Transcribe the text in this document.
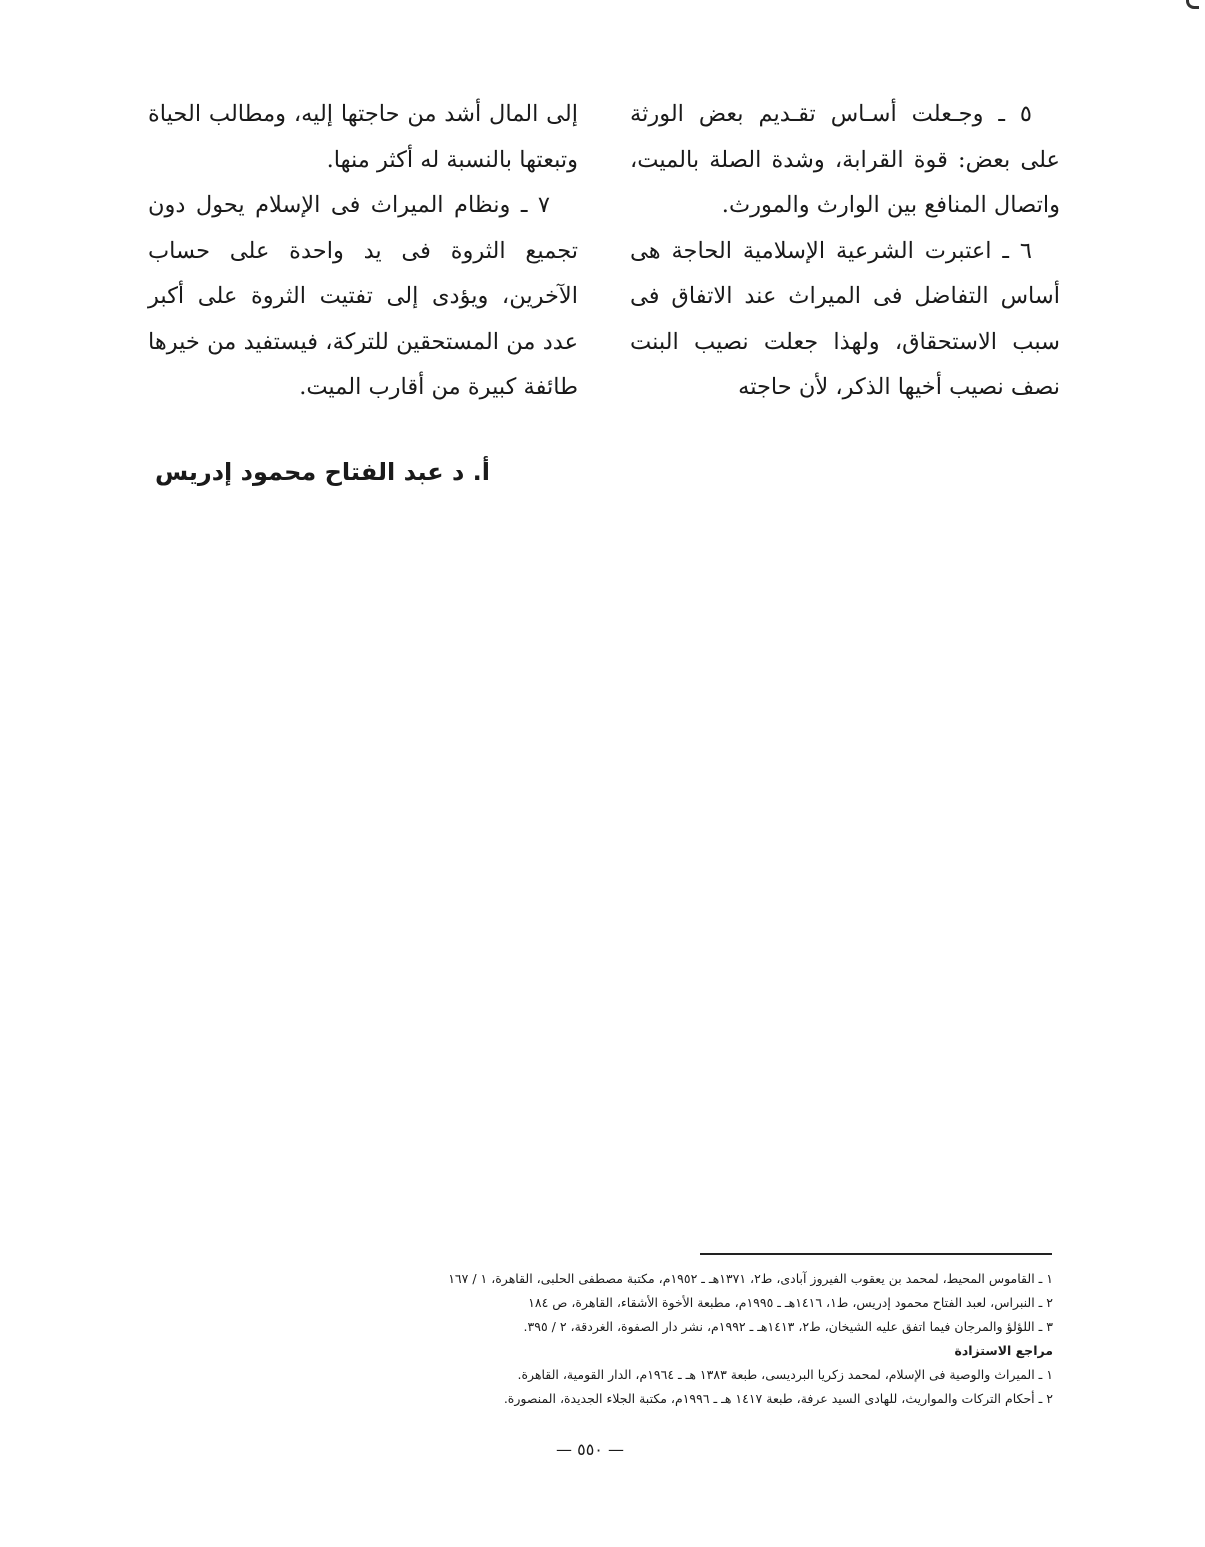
٥ ـ وجـعلت أسـاس تقـديم بعض الورثة على بعض: قوة القرابة، وشدة الصلة بالميت، واتصال المنافع بين الوارث والمورث.

٦ ـ اعتبرت الشرعية الإسلامية الحاجة هى أساس التفاضل فى الميراث عند الاتفاق فى سبب الاستحقاق، ولهذا جعلت نصيب البنت نصف نصيب أخيها الذكر، لأن حاجته

إلى المال أشد من حاجتها إليه، ومطالب الحياة وتبعتها بالنسبة له أكثر منها.

٧ ـ ونظام الميراث فى الإسلام يحول دون تجميع الثروة فى يد واحدة على حساب الآخرين، ويؤدى إلى تفتيت الثروة على أكبر عدد من المستحقين للتركة، فيستفيد من خيرها طائفة كبيرة من أقارب الميت.

أ. د عبد الفتاح محمود إدريس
١ ـ القاموس المحيط، لمحمد بن يعقوب الفيروز آبادى، ط٢، ١٣٧١هـ ـ ١٩٥٢م، مكتبة مصطفى الحلبى، القاهرة، ١ / ١٦٧
٢ ـ النبراس، لعبد الفتاح محمود إدريس، ط١، ١٤١٦هـ ـ ١٩٩٥م، مطبعة الأخوة الأشقاء، القاهرة، ص ١٨٤
٣ ـ اللؤلؤ والمرجان فيما اتفق عليه الشيخان، ط٢، ١٤١٣هـ ـ ١٩٩٢م، نشر دار الصفوة، الغردقة، ٢ / ٣٩٥.
مراجع الاستزادة
١ ـ الميراث والوصية فى الإسلام، لمحمد زكريا البرديسى، طبعة ١٣٨٣ هـ ـ ١٩٦٤م، الدار القومية، القاهرة.
٢ ـ أحكام التركات والمواريث، للهادى السيد عرفة، طبعة ١٤١٧ هـ ـ ١٩٩٦م، مكتبة الجلاء الجديدة، المنصورة.
— ٥٥٠ —
